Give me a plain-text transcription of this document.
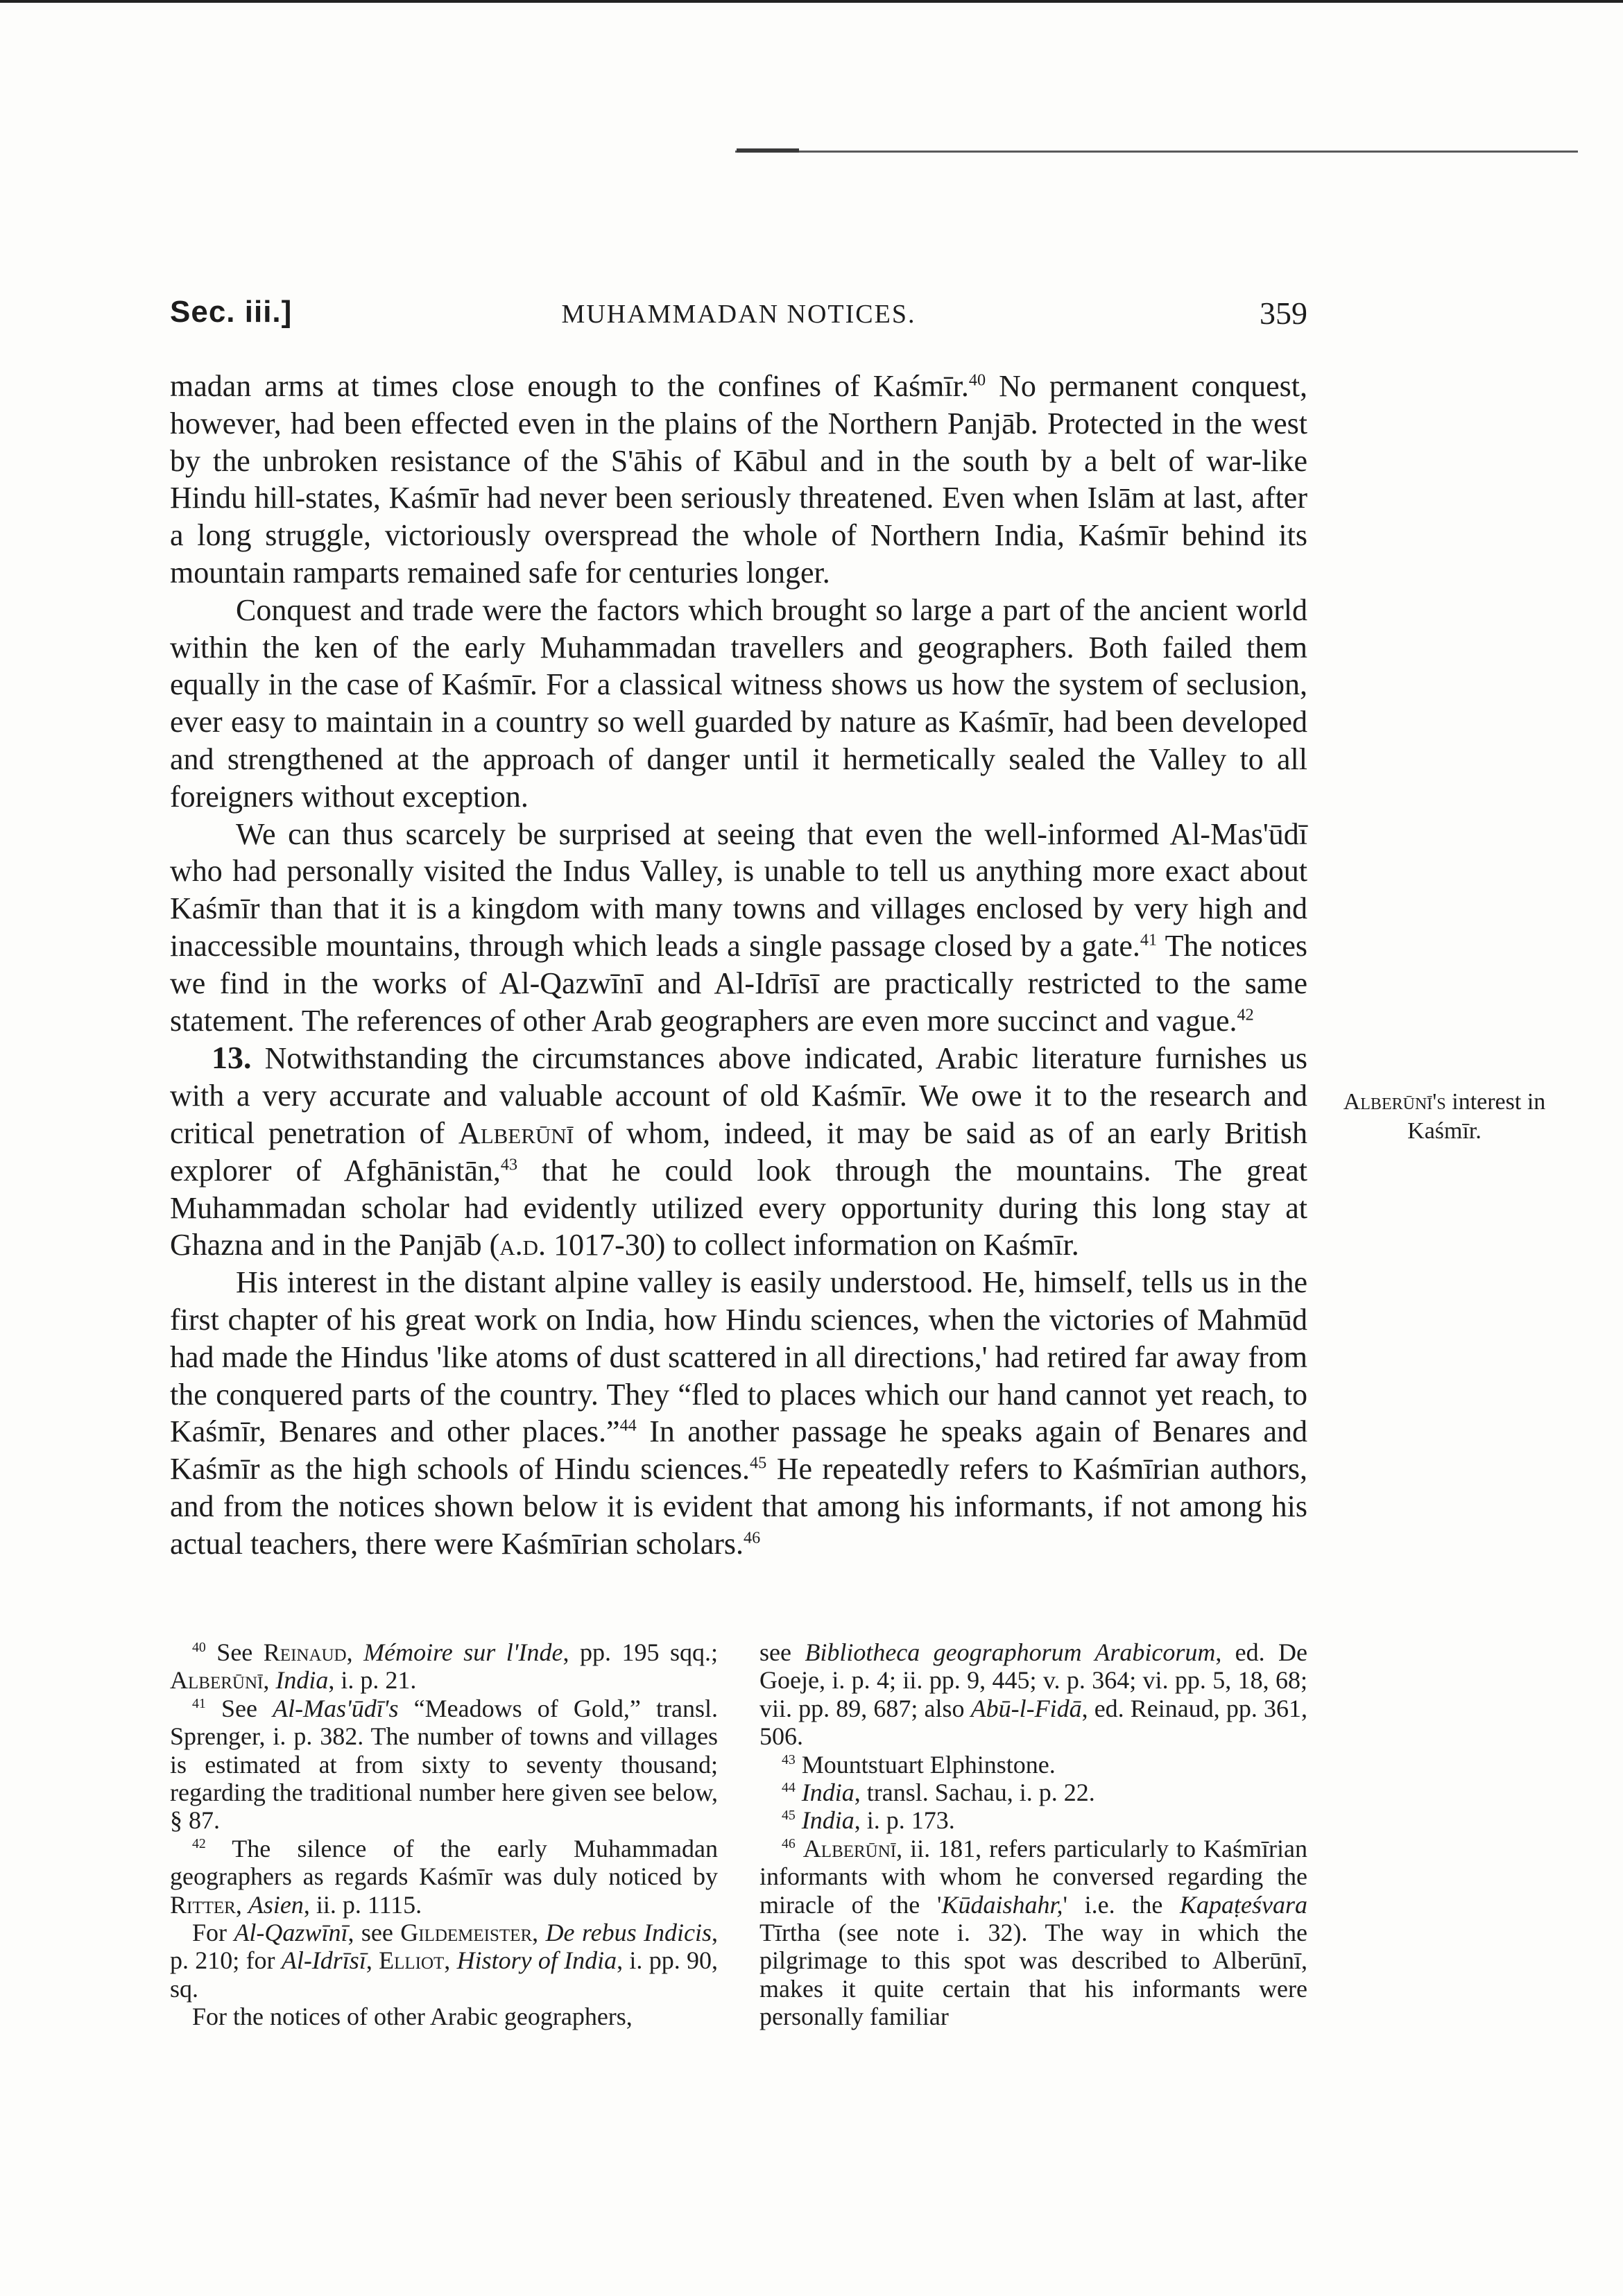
Sec. iii.]	MUHAMMADAN NOTICES.	359

madan arms at times close enough to the confines of Kaśmīr.$^{40}$ No permanent conquest, however, had been effected even in the plains of the Northern Panjāb. Protected in the west by the unbroken resistance of the S'āhis of Kābul and in the south by a belt of war-like Hindu hill-states, Kaśmīr had never been seriously threatened. Even when Islām at last, after a long struggle, victoriously overspread the whole of Northern India, Kaśmīr behind its mountain ramparts remained safe for centuries longer.

Conquest and trade were the factors which brought so large a part of the ancient world within the ken of the early Muhammadan travellers and geographers. Both failed them equally in the case of Kaśmīr. For a classical witness shows us how the system of seclusion, ever easy to maintain in a country so well guarded by nature as Kaśmīr, had been developed and strengthened at the approach of danger until it hermetically sealed the Valley to all foreigners without exception.

We can thus scarcely be surprised at seeing that even the well-informed Al-Mas'ūdī who had personally visited the Indus Valley, is unable to tell us anything more exact about Kaśmīr than that it is a kingdom with many towns and villages enclosed by very high and inaccessible mountains, through which leads a single passage closed by a gate.$^{41}$ The notices we find in the works of Al-Qazwīnī and Al-Idrīsī are practically restricted to the same statement. The references of other Arab geographers are even more succinct and vague.$^{42}$

13. Notwithstanding the circumstances above indicated, Arabic literature furnishes us with a very accurate and valuable account of old Kaśmīr. We owe it to the research and critical penetration of Alberūnī of whom, indeed, it may be said as of an early British explorer of Afghānistān,$^{43}$ that he could look through the mountains. The great Muhammadan scholar had evidently utilized every opportunity during this long stay at Ghazna and in the Panjāb (a.d. 1017-30) to collect information on Kaśmīr.

His interest in the distant alpine valley is easily understood. He, himself, tells us in the first chapter of his great work on India, how Hindu sciences, when the victories of Mahmūd had made the Hindus 'like atoms of dust scattered in all directions,' had retired far away from the conquered parts of the country. They “fled to places which our hand cannot yet reach, to Kaśmīr, Benares and other places.”$^{44}$ In another passage he speaks again of Benares and Kaśmīr as the high schools of Hindu sciences.$^{45}$ He repeatedly refers to Kaśmīrian authors, and from the notices shown below it is evident that among his informants, if not among his actual teachers, there were Kaśmīrian scholars.$^{46}$

Alberūnī's interest in Kaśmīr.

$^{40}$ See Reinaud, Mémoire sur l'Inde, pp. 195 sqq.; Alberūnī, India, i. p. 21.

$^{41}$ See Al-Mas'ūdī's “Meadows of Gold,” transl. Sprenger, i. p. 382. The number of towns and villages is estimated at from sixty to seventy thousand; regarding the traditional number here given see below, § 87.

$^{42}$ The silence of the early Muhammadan geographers as regards Kaśmīr was duly noticed by Ritter, Asien, ii. p. 1115.

For Al-Qazwīnī, see Gildemeister, De rebus Indicis, p. 210; for Al-Idrīsī, Elliot, History of India, i. pp. 90, sq.

For the notices of other Arabic geographers,

see Bibliotheca geographorum Arabicorum, ed. De Goeje, i. p. 4; ii. pp. 9, 445; v. p. 364; vi. pp. 5, 18, 68; vii. pp. 89, 687; also Abū-l-Fidā, ed. Reinaud, pp. 361, 506.

$^{43}$ Mountstuart Elphinstone.

$^{44}$ India, transl. Sachau, i. p. 22.

$^{45}$ India, i. p. 173.

$^{46}$ Alberūnī, ii. 181, refers particularly to Kaśmīrian informants with whom he conversed regarding the miracle of the 'Kūdaishahr,' i.e. the Kapaṭeśvara Tīrtha (see note i. 32). The way in which the pilgrimage to this spot was described to Alberūnī, makes it quite certain that his informants were personally familiar
